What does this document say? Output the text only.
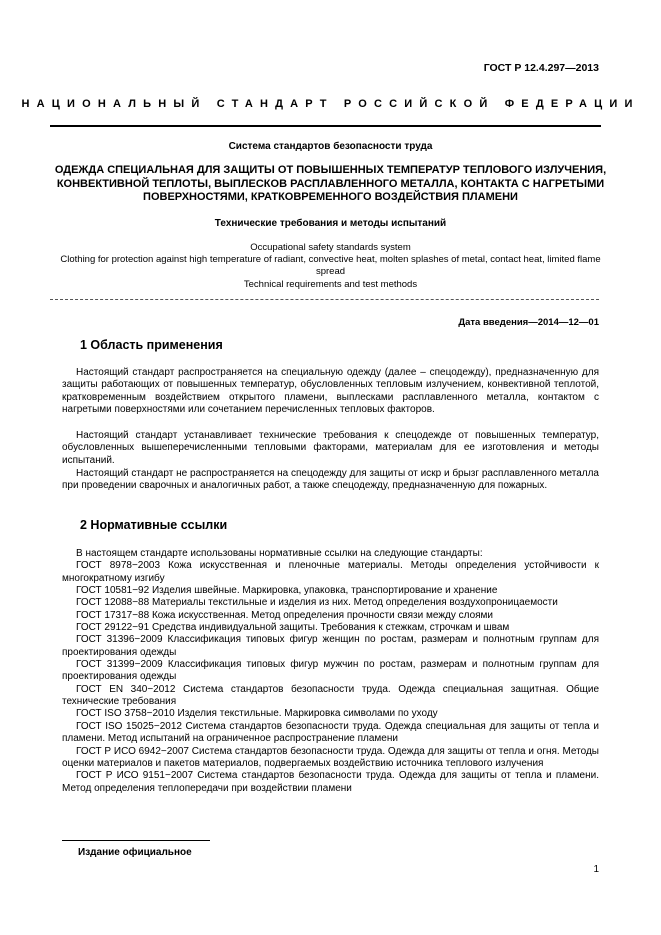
ГОСТ Р 12.4.297—2013
НАЦИОНАЛЬНЫЙ СТАНДАРТ РОССИЙСКОЙ ФЕДЕРАЦИИ
Система стандартов безопасности труда
ОДЕЖДА СПЕЦИАЛЬНАЯ ДЛЯ ЗАЩИТЫ ОТ ПОВЫШЕННЫХ ТЕМПЕРАТУР ТЕПЛОВОГО ИЗЛУЧЕНИЯ, КОНВЕКТИВНОЙ ТЕПЛОТЫ, ВЫПЛЕСКОВ РАСПЛАВЛЕННОГО МЕТАЛЛА, КОНТАКТА С НАГРЕТЫМИ ПОВЕРХНОСТЯМИ, КРАТКОВРЕМЕННОГО ВОЗДЕЙСТВИЯ ПЛАМЕНИ
Технические требования и методы испытаний
Occupational safety standards system
Clothing for protection against high temperature of radiant, convective heat, molten splashes of metal, contact heat, limited flame spread
Technical requirements and test methods
Дата введения—2014—12—01
1 Область применения

Настоящий стандарт распространяется на специальную одежду (далее – спецодежду), предназначенную для защиты работающих от повышенных температур, обусловленных тепловым излучением, конвективной теплотой, кратковременным воздействием открытого пламени, выплесками расплавленного металла, контактом с нагретыми поверхностями или сочетанием перечисленных тепловых факторов.

Настоящий стандарт устанавливает технические требования к спецодежде от повышенных температур, обусловленных вышеперечисленными тепловыми факторами, материалам для ее изготовления и методы испытаний.

Настоящий стандарт не распространяется на спецодежду для защиты от искр и брызг расплавленного металла при проведении сварочных и аналогичных работ, а также спецодежду, предназначенную для пожарных.

2 Нормативные ссылки
В настоящем стандарте использованы нормативные ссылки на следующие стандарты:
ГОСТ 8978−2003 Кожа искусственная и пленочные материалы. Методы определения устойчивости к многократному изгибу
ГОСТ 10581−92 Изделия швейные. Маркировка, упаковка, транспортирование и хранение
ГОСТ 12088−88 Материалы текстильные и изделия из них. Метод определения воздухопроницаемости
ГОСТ 17317−88 Кожа искусственная. Метод определения прочности связи между слоями
ГОСТ 29122−91 Средства индивидуальной защиты. Требования к стежкам, строчкам и швам
ГОСТ 31396−2009 Классификация типовых фигур женщин по ростам, размерам и полнотным группам для проектирования одежды
ГОСТ 31399−2009 Классификация типовых фигур мужчин по ростам, размерам и полнотным группам для проектирования одежды
ГОСТ EN 340−2012 Система стандартов безопасности труда. Одежда специальная защитная. Общие технические требования
ГОСТ ISO 3758−2010 Изделия текстильные. Маркировка символами по уходу
ГОСТ ISO 15025−2012 Система стандартов безопасности труда. Одежда специальная для защиты от тепла и пламени. Метод испытаний на ограниченное распространение пламени
ГОСТ Р ИСО 6942−2007 Система стандартов безопасности труда. Одежда для защиты от тепла и огня. Методы оценки материалов и пакетов материалов, подвергаемых воздействию источника теплового излучения
ГОСТ Р ИСО 9151−2007 Система стандартов безопасности труда. Одежда для защиты от тепла и пламени. Метод определения теплопередачи при воздействии пламени
Издание официальное
1
